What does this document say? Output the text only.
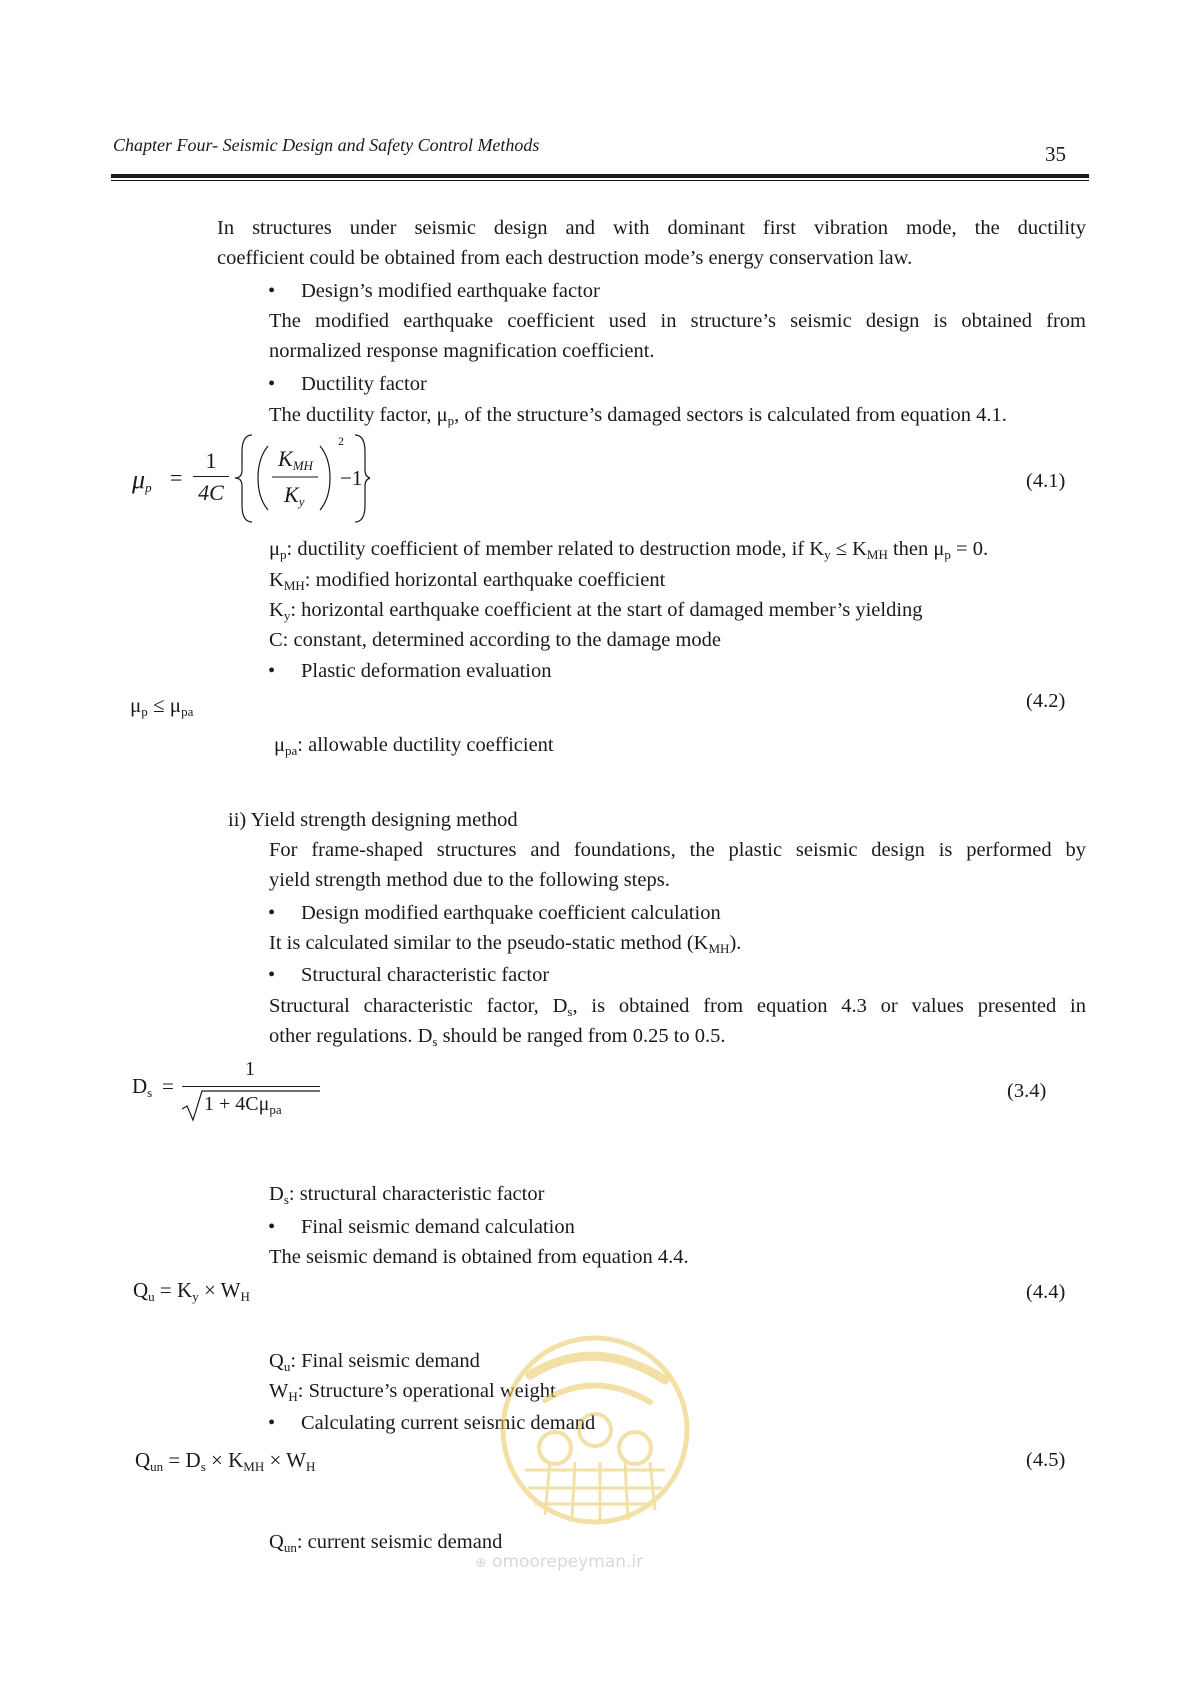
Chapter Four- Seismic Design and Safety Control Methods	35
In structures under seismic design and with dominant first vibration mode, the ductility
coefficient could be obtained from each destruction mode’s energy conservation law.
• Design’s modified earthquake factor
The modified earthquake coefficient used in structure’s seismic design is obtained from
normalized response magnification coefficient.
• Ductility factor
The ductility factor, $\mu_p$, of the structure’s damaged sectors is calculated from equation 4.1.
$\mu_p$ =
1
4C
$K_{MH}$
$K_y$
2
−1	(4.1)
$\mu_p$: ductility coefficient of member related to destruction mode, if $K_y \le K_{MH}$ then $\mu_p = 0$.
$K_{MH}$: modified horizontal earthquake coefficient
$K_y$: horizontal earthquake coefficient at the start of damaged member’s yielding
C: constant, determined according to the damage mode
• Plastic deformation evaluation
$\mu_p \le \mu_{pa}$	(4.2)
$\mu_{pa}$: allowable ductility coefficient
ii) Yield strength designing method
For frame-shaped structures and foundations, the plastic seismic design is performed by
yield strength method due to the following steps.
• Design modified earthquake coefficient calculation
It is calculated similar to the pseudo-static method $(K_{MH})$.
• Structural characteristic factor
Structural characteristic factor, $D_s$, is obtained from equation 4.3 or values presented in
other regulations. $D_s$ should be ranged from 0.25 to 0.5.
$D_s$ =
1
$1 + 4C\mu_{pa}$
(3.4)
$D_s$: structural characteristic factor
• Final seismic demand calculation
The seismic demand is obtained from equation 4.4.
$Q_u = K_y \times W_H$	(4.4)
$Q_u$: Final seismic demand
$W_H$: Structure’s operational weight
• Calculating current seismic demand
$Q_{un} = D_s \times K_{MH} \times W_H$	(4.5)
$Q_{un}$: current seismic demand
⊕ omoorepeyman.ir
